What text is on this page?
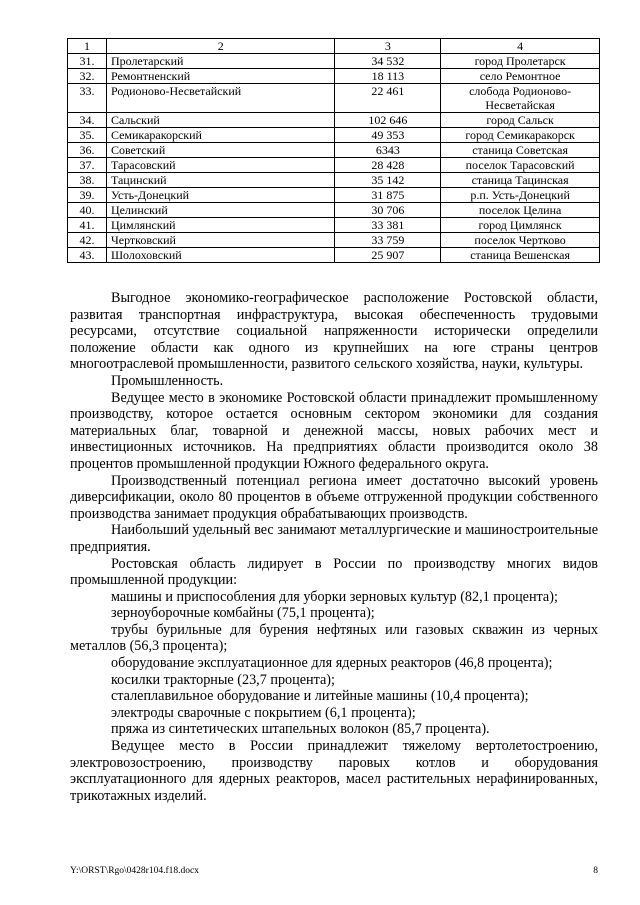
1	2	3	4
31.	Пролетарский	34 532	город Пролетарск
32.	Ремонтненский	18 113	село Ремонтное
33.	Родионово-Несветайский	22 461	слобода Родионово-Несветайская
34.	Сальский	102 646	город Сальск
35.	Семикаракорский	49 353	город Семикаракорск
36.	Советский	6343	станица Советская
37.	Тарасовский	28 428	поселок Тарасовский
38.	Тацинский	35 142	станица Тацинская
39.	Усть-Донецкий	31 875	р.п. Усть-Донецкий
40.	Целинский	30 706	поселок Целина
41.	Цимлянский	33 381	город Цимлянск
42.	Чертковский	33 759	поселок Чертково
43.	Шолоховский	25 907	станица Вешенская

Выгодное экономико-географическое расположение Ростовской области, развитая транспортная инфраструктура, высокая обеспеченность трудовыми ресурсами, отсутствие социальной напряженности исторически определили положение области как одного из крупнейших на юге страны центров многоотраслевой промышленности, развитого сельского хозяйства, науки, культуры.

Промышленность.

Ведущее место в экономике Ростовской области принадлежит промышленному производству, которое остается основным сектором экономики для создания материальных благ, товарной и денежной массы, новых рабочих мест и инвестиционных источников. На предприятиях области производится около 38 процентов промышленной продукции Южного федерального округа.

Производственный потенциал региона имеет достаточно высокий уровень диверсификации, около 80 процентов в объеме отгруженной продукции собственного производства занимает продукция обрабатывающих производств.

Наибольший удельный вес занимают металлургические и машиностроительные предприятия.

Ростовская область лидирует в России по производству многих видов промышленной продукции:

машины и приспособления для уборки зерновых культур (82,1 процента);

зерноуборочные комбайны (75,1 процента);

трубы бурильные для бурения нефтяных или газовых скважин из черных металлов (56,3 процента);

оборудование эксплуатационное для ядерных реакторов (46,8 процента);

косилки тракторные (23,7 процента);

сталеплавильное оборудование и литейные машины (10,4 процента);

электроды сварочные с покрытием (6,1 процента);

пряжа из синтетических штапельных волокон (85,7 процента).

Ведущее место в России принадлежит тяжелому вертолетостроению, электровозостроению, производству паровых котлов и оборудования эксплуатационного для ядерных реакторов, масел растительных нерафинированных, трикотажных изделий.

Y:\ORST\Rgo\0428r104.f18.docx	8
